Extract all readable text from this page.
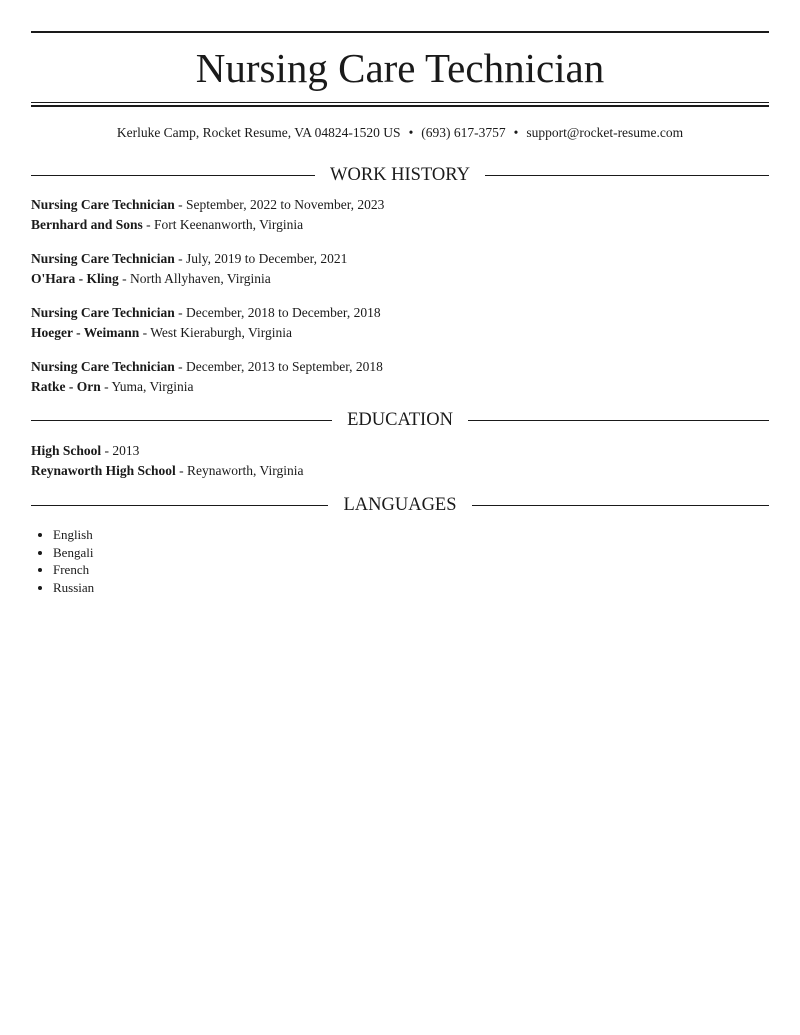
Nursing Care Technician
Kerluke Camp, Rocket Resume, VA 04824-1520 US • (693) 617-3757 • support@rocket-resume.com
WORK HISTORY
Nursing Care Technician - September, 2022 to November, 2023
Bernhard and Sons - Fort Keenanworth, Virginia
Nursing Care Technician - July, 2019 to December, 2021
O'Hara - Kling - North Allyhaven, Virginia
Nursing Care Technician - December, 2018 to December, 2018
Hoeger - Weimann - West Kieraburgh, Virginia
Nursing Care Technician - December, 2013 to September, 2018
Ratke - Orn - Yuma, Virginia
EDUCATION
High School - 2013
Reynaworth High School - Reynaworth, Virginia
LANGUAGES
• English
• Bengali
• French
• Russian
